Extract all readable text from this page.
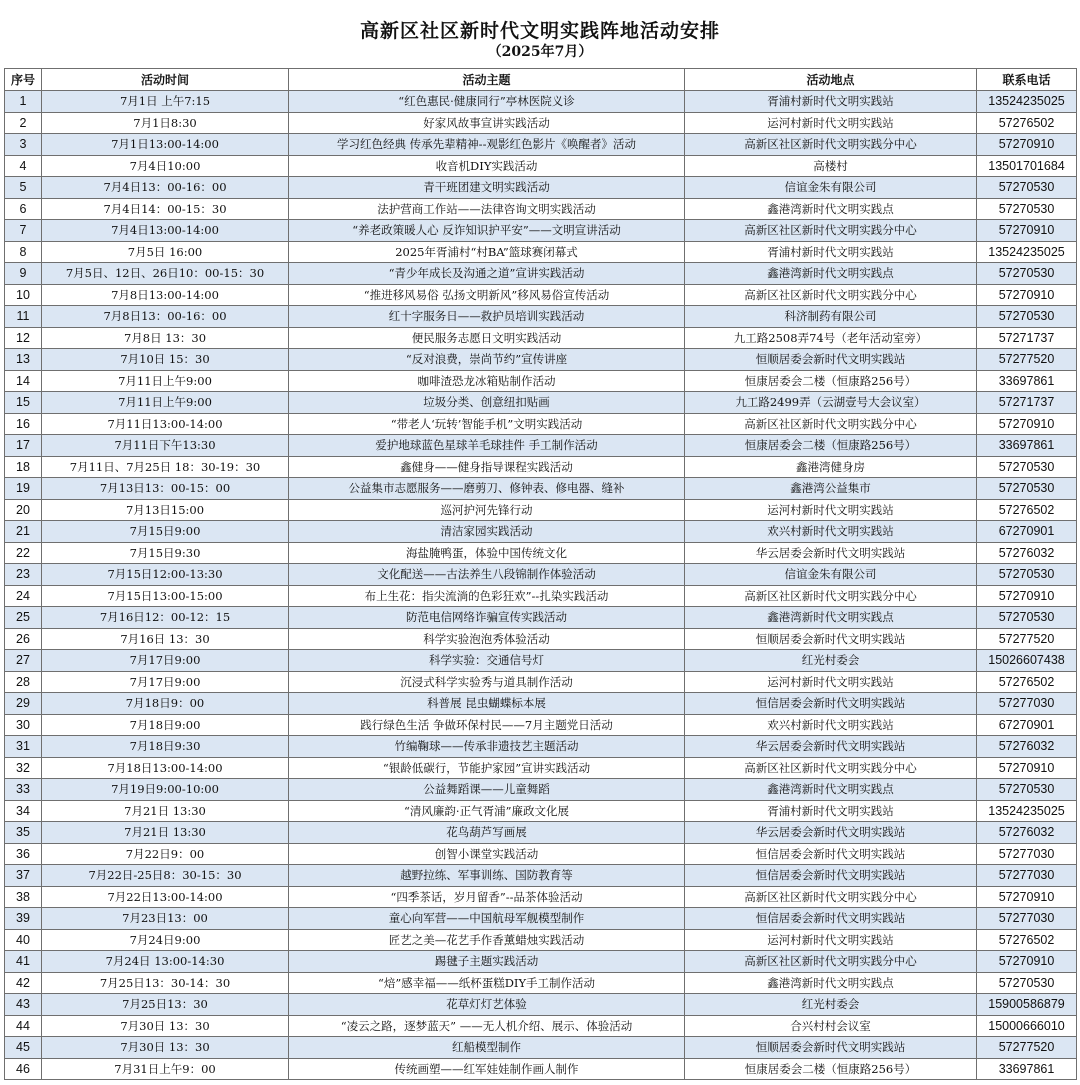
高新区社区新时代文明实践阵地活动安排
（2025年7月）
序号	活动时间	活动主题	活动地点	联系电话
1	7月1日 上午7:15	“红色惠民·健康同行”亭林医院义诊	胥浦村新时代文明实践站	13524235025
2	7月1日8:30	好家风故事宣讲实践活动	运河村新时代文明实践站	57276502
3	7月1日13:00-14:00	学习红色经典 传承先辈精神--观影红色影片《唤醒者》活动	高新区社区新时代文明实践分中心	57270910
4	7月4日10:00	收音机DIY实践活动	高楼村	13501701684
5	7月4日13：00-16：00	青干班团建文明实践活动	信谊金朱有限公司	57270530
6	7月4日14：00-15：30	法护营商工作站——法律咨询文明实践活动	鑫港湾新时代文明实践点	57270530
7	7月4日13:00-14:00	“养老政策暖人心 反诈知识护平安”——文明宣讲活动	高新区社区新时代文明实践分中心	57270910
8	7月5日 16:00	2025年胥浦村“村BA”篮球赛闭幕式	胥浦村新时代文明实践站	13524235025
9	7月5日、12日、26日10：00-15：30	“青少年成长及沟通之道”宣讲实践活动	鑫港湾新时代文明实践点	57270530
10	7月8日13:00-14:00	“推进移风易俗 弘扬文明新风”移风易俗宣传活动	高新区社区新时代文明实践分中心	57270910
11	7月8日13：00-16：00	红十字服务日——救护员培训实践活动	科济制药有限公司	57270530
12	7月8日 13：30	便民服务志愿日文明实践活动	九工路2508弄74号（老年活动室旁）	57271737
13	7月10日 15：30	“反对浪费，崇尚节约”宣传讲座	恒顺居委会新时代文明实践站	57277520
14	7月11日上午9:00	咖啡渣恐龙冰箱贴制作活动	恒康居委会二楼（恒康路256号）	33697861
15	7月11日上午9:00	垃圾分类、创意纽扣贴画	九工路2499弄（云湖壹号大会议室）	57271737
16	7月11日13:00-14:00	“带老人‘玩转’智能手机”文明实践活动	高新区社区新时代文明实践分中心	57270910
17	7月11日下午13:30	爱护地球蓝色星球羊毛球挂件 手工制作活动	恒康居委会二楼（恒康路256号）	33697861
18	7月11日、7月25日 18：30-19：30	鑫健身——健身指导课程实践活动	鑫港湾健身房	57270530
19	7月13日13：00-15：00	公益集市志愿服务——磨剪刀、修钟表、修电器、缝补	鑫港湾公益集市	57270530
20	7月13日15:00	巡河护河先锋行动	运河村新时代文明实践站	57276502
21	7月15日9:00	清洁家园实践活动	欢兴村新时代文明实践站	67270901
22	7月15日9:30	海盐腌鸭蛋，体验中国传统文化	华云居委会新时代文明实践站	57276032
23	7月15日12:00-13:30	文化配送——古法养生八段锦制作体验活动	信谊金朱有限公司	57270530
24	7月15日13:00-15:00	布上生花：指尖流淌的色彩狂欢”--扎染实践活动	高新区社区新时代文明实践分中心	57270910
25	7月16日12：00-12：15	防范电信网络诈骗宣传实践活动	鑫港湾新时代文明实践点	57270530
26	7月16日 13：30	科学实验泡泡秀体验活动	恒顺居委会新时代文明实践站	57277520
27	7月17日9:00	科学实验：交通信号灯	红光村委会	15026607438
28	7月17日9:00	沉浸式科学实验秀与道具制作活动	运河村新时代文明实践站	57276502
29	7月18日9：00	科普展 昆虫蝴蝶标本展	恒信居委会新时代文明实践站	57277030
30	7月18日9:00	践行绿色生活 争做环保村民——7月主题党日活动	欢兴村新时代文明实践站	67270901
31	7月18日9:30	竹编鞠球——传承非遗技艺主题活动	华云居委会新时代文明实践站	57276032
32	7月18日13:00-14:00	“银龄低碳行，节能护家园”宣讲实践活动	高新区社区新时代文明实践分中心	57270910
33	7月19日9:00-10:00	公益舞蹈课——儿童舞蹈	鑫港湾新时代文明实践点	57270530
34	7月21日 13:30	“清风廉韵·正气胥浦”廉政文化展	胥浦村新时代文明实践站	13524235025
35	7月21日 13:30	花鸟葫芦写画展	华云居委会新时代文明实践站	57276032
36	7月22日9：00	创智小课堂实践活动	恒信居委会新时代文明实践站	57277030
37	7月22日-25日8：30-15：30	越野拉练、军事训练、国防教育等	恒信居委会新时代文明实践站	57277030
38	7月22日13:00-14:00	“四季茶话，岁月留香”--品茶体验活动	高新区社区新时代文明实践分中心	57270910
39	7月23日13：00	童心向军营——中国航母军舰模型制作	恒信居委会新时代文明实践站	57277030
40	7月24日9:00	匠艺之美—花艺手作香薰蜡烛实践活动	运河村新时代文明实践站	57276502
41	7月24日 13:00-14:30	踢毽子主题实践活动	高新区社区新时代文明实践分中心	57270910
42	7月25日13：30-14：30	“焙”感幸福——纸杯蛋糕DIY手工制作活动	鑫港湾新时代文明实践点	57270530
43	7月25日13：30	花草灯灯艺体验	红光村委会	15900586879
44	7月30日 13：30	“凌云之路，逐梦蓝天” ——无人机介绍、展示、体验活动	合兴村村会议室	15000666010
45	7月30日 13：30	红船模型制作	恒顺居委会新时代文明实践站	57277520
46	7月31日上午9：00	传统画塑——红军娃娃制作画人制作	恒康居委会二楼（恒康路256号）	33697861
